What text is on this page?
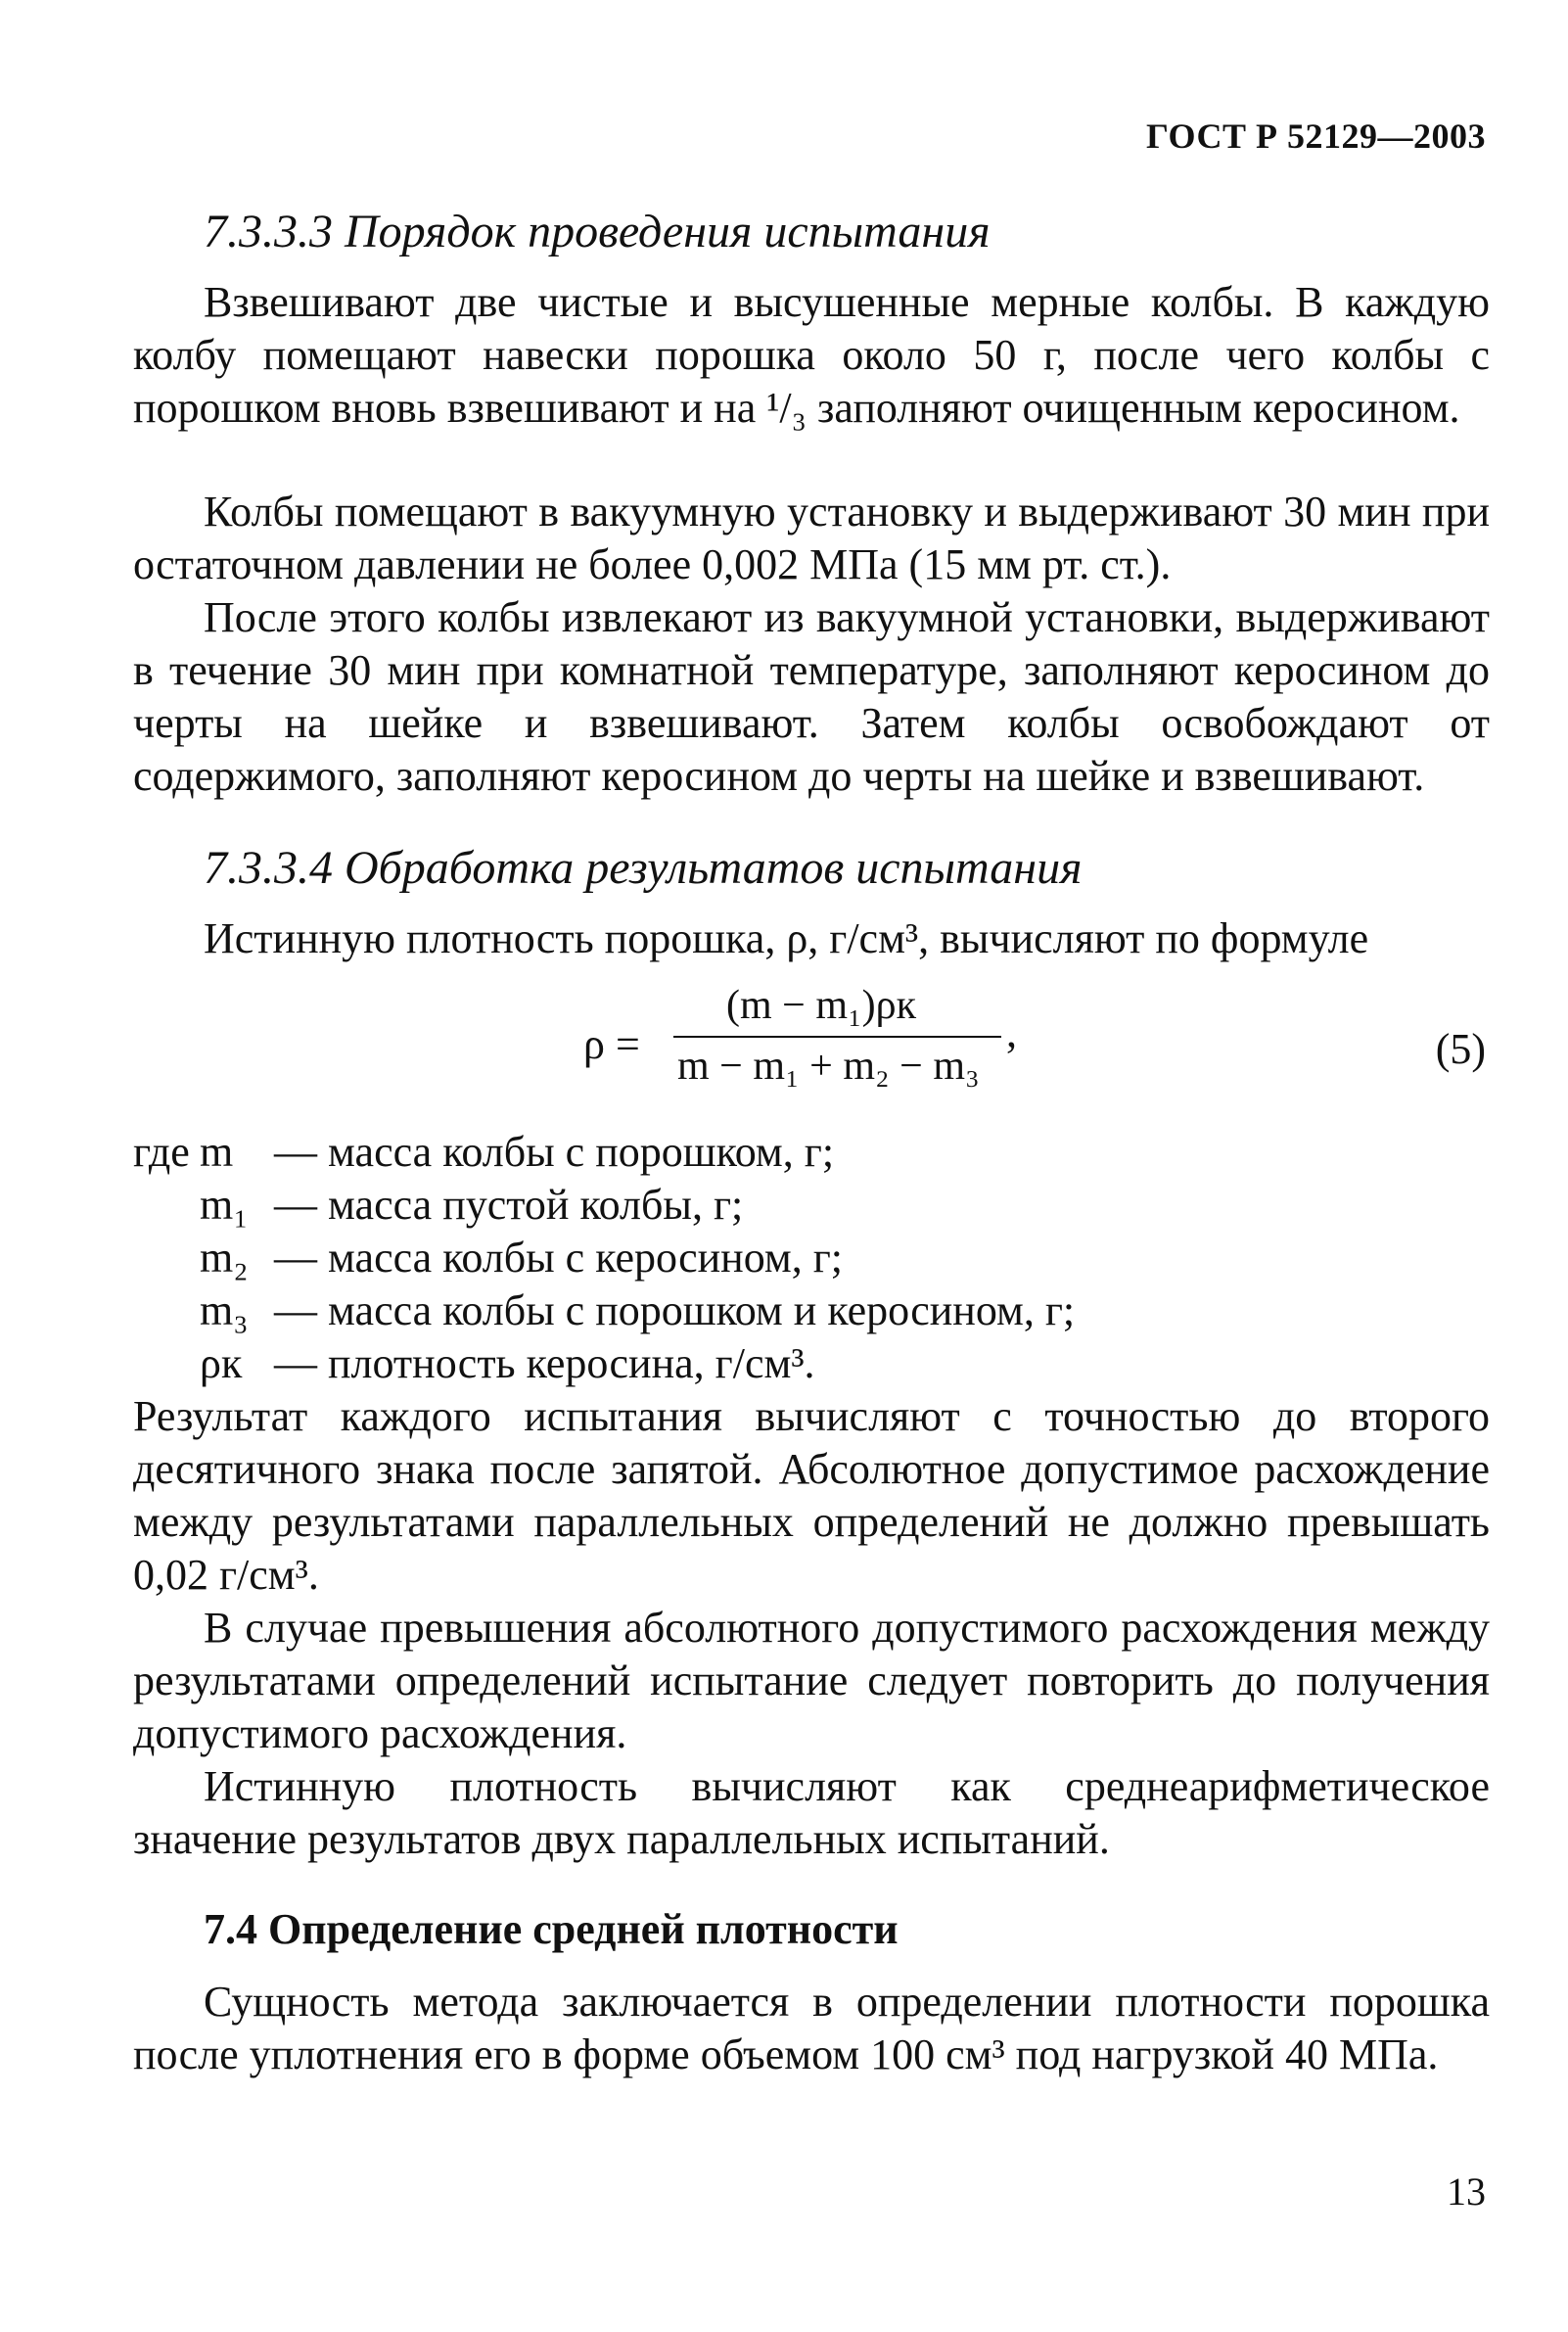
ГОСТ Р 52129—2003
7.3.3.3 Порядок проведения испытания
Взвешивают две чистые и высушенные мерные колбы. В каждую колбу помещают навески порошка около 50 г, после чего колбы с порошком вновь взвешивают и на ¹/₃ заполняют очищенным керосином.
Колбы помещают в вакуумную установку и выдерживают 30 мин при остаточном давлении не более 0,002 МПа (15 мм рт. ст.).
После этого колбы извлекают из вакуумной установки, выдерживают в течение 30 мин при комнатной температуре, заполняют керосином до черты на шейке и взвешивают. Затем колбы освобождают от содержимого, заполняют керосином до черты на шейке и взвешивают.
7.3.3.4 Обработка результатов испытания
Истинную плотность порошка, ρ, г/см³, вычисляют по формуле
ρ =
(m − m₁)ρк
m − m₁ + m₂ − m₃
,	(5)
где m — масса колбы с порошком, г;
m₁ — масса пустой колбы, г;
m₂ — масса колбы с керосином, г;
m₃ — масса колбы с порошком и керосином, г;
ρк — плотность керосина, г/см³.
Результат каждого испытания вычисляют с точностью до второго десятичного знака после запятой. Абсолютное допустимое расхождение между результатами параллельных определений не должно превышать 0,02 г/см³.
В случае превышения абсолютного допустимого расхождения между результатами определений испытание следует повторить до получения допустимого расхождения.
Истинную плотность вычисляют как среднеарифметическое значение результатов двух параллельных испытаний.
7.4 Определение средней плотности
Сущность метода заключается в определении плотности порошка после уплотнения его в форме объемом 100 см³ под нагрузкой 40 МПа.
13
